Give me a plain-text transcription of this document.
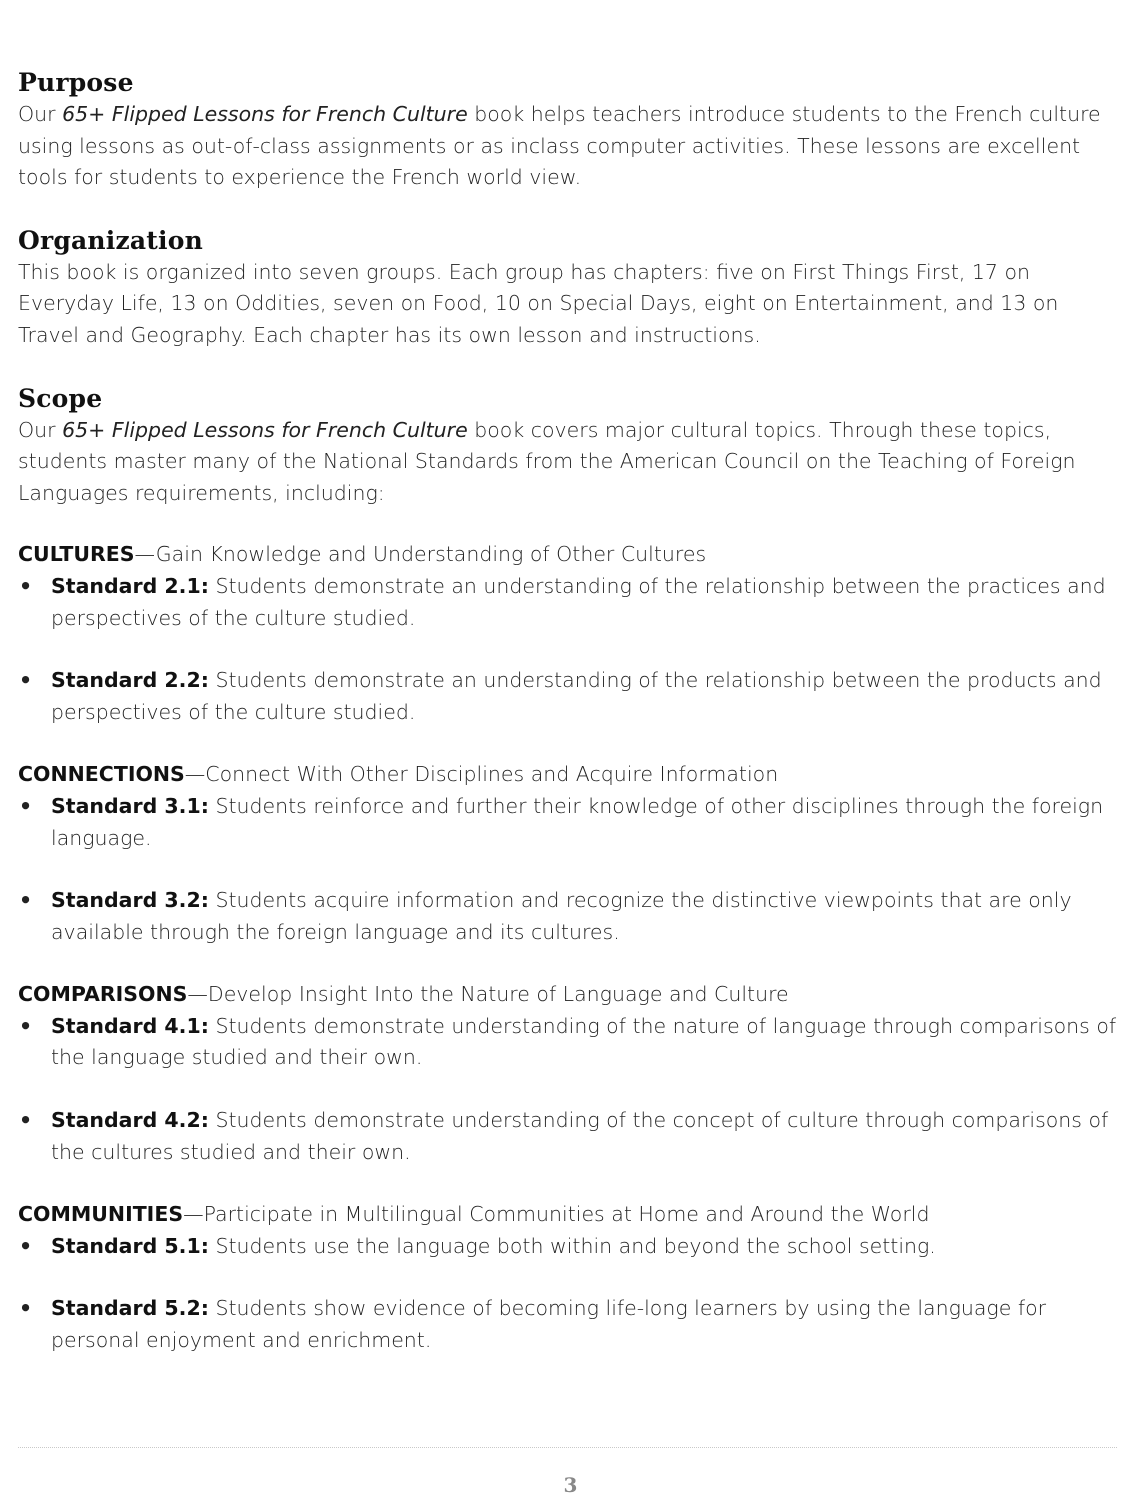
Purpose

Our 65+ Flipped Lessons for French Culture book helps teachers introduce students to the French culture using lessons as out-of-class assignments or as inclass computer activities. These lessons are excellent tools for students to experience the French world view.

Organization

This book is organized into seven groups. Each group has chapters: five on First Things First, 17 on Everyday Life, 13 on Oddities, seven on Food, 10 on Special Days, eight on Entertainment, and 13 on Travel and Geography. Each chapter has its own lesson and instructions.

Scope

Our 65+ Flipped Lessons for French Culture book covers major cultural topics. Through these topics, students master many of the National Standards from the American Council on the Teaching of Foreign Languages requirements, including:

CULTURES—Gain Knowledge and Understanding of Other Cultures

• Standard 2.1: Students demonstrate an understanding of the relationship between the practices and perspectives of the culture studied.
• Standard 2.2: Students demonstrate an understanding of the relationship between the products and perspectives of the culture studied.

CONNECTIONS—Connect With Other Disciplines and Acquire Information

• Standard 3.1: Students reinforce and further their knowledge of other disciplines through the foreign language.
• Standard 3.2: Students acquire information and recognize the distinctive viewpoints that are only available through the foreign language and its cultures.

COMPARISONS—Develop Insight Into the Nature of Language and Culture

• Standard 4.1: Students demonstrate understanding of the nature of language through comparisons of the language studied and their own.
• Standard 4.2: Students demonstrate understanding of the concept of culture through comparisons of the cultures studied and their own.

COMMUNITIES—Participate in Multilingual Communities at Home and Around the World

• Standard 5.1: Students use the language both within and beyond the school setting.
• Standard 5.2: Students show evidence of becoming life-long learners by using the language for personal enjoyment and enrichment.
3
